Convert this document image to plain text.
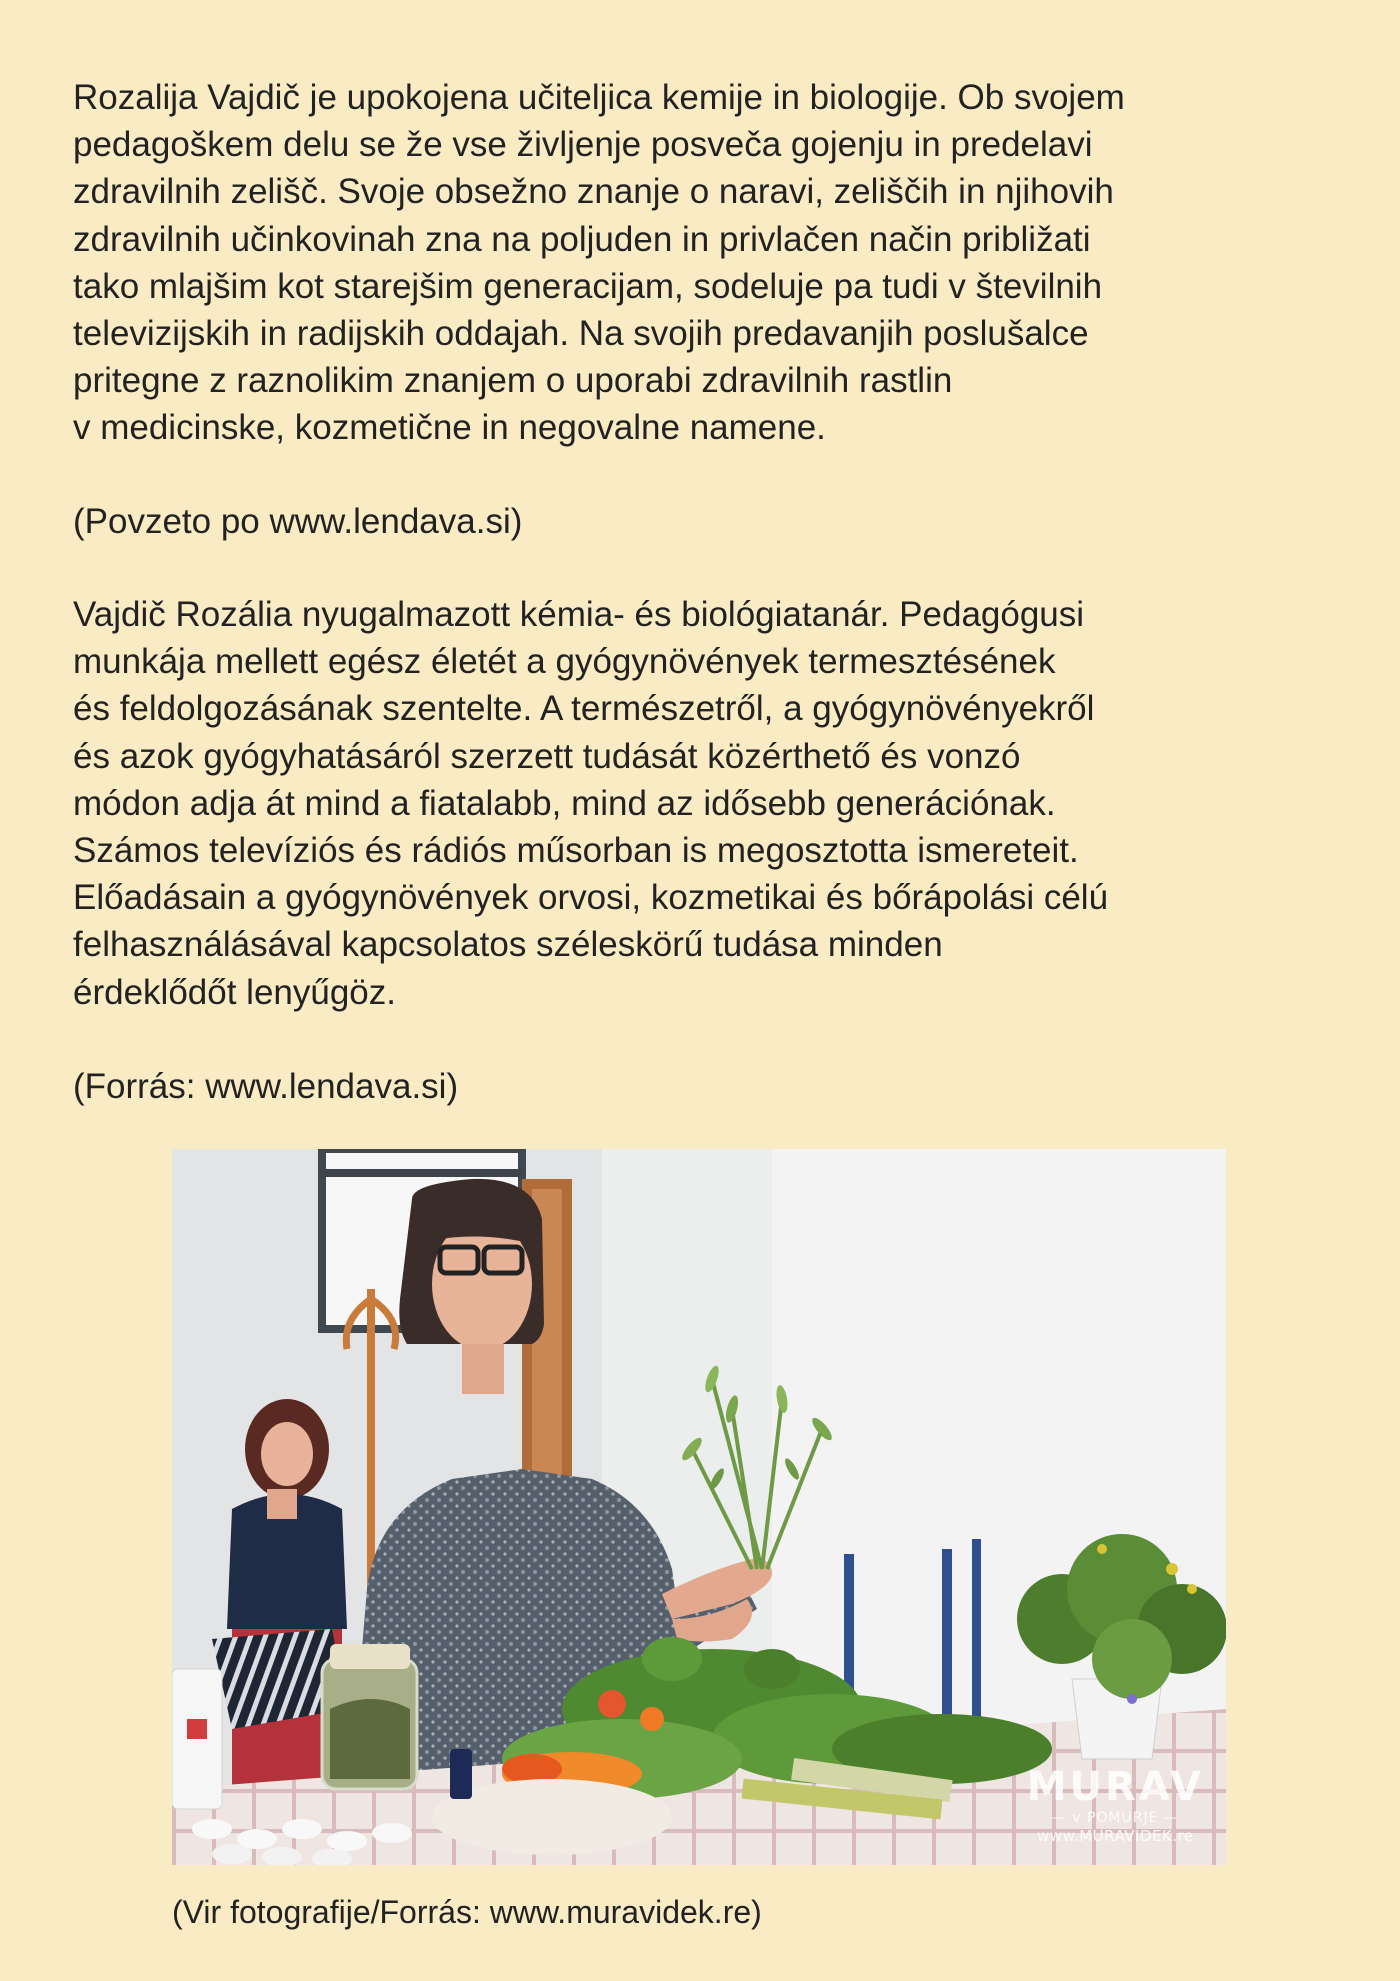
Rozalija Vajdič je upokojena učiteljica kemije in biologije. Ob svojem
pedagoškem delu se že vse življenje posveča gojenju in predelavi
zdravilnih zelišč. Svoje obsežno znanje o naravi, zeliščih in njihovih
zdravilnih učinkovinah zna na poljuden in privlačen način približati
tako mlajšim kot starejšim generacijam, sodeluje pa tudi v številnih
televizijskih in radijskih oddajah. Na svojih predavanjih poslušalce
pritegne z raznolikim znanjem o uporabi zdravilnih rastlin
v medicinske, kozmetične in negovalne namene.

(Povzeto po www.lendava.si)

Vajdič Rozália nyugalmazott kémia- és biológiatanár. Pedagógusi
munkája mellett egész életét a gyógynövények termesztésének
és feldolgozásának szentelte. A természetről, a gyógynövényekről
és azok gyógyhatásáról szerzett tudását közérthető és vonzó
módon adja át mind a fiatalabb, mind az idősebb generációnak.
Számos televíziós és rádiós műsorban is megosztotta ismereteit.
Előadásain a gyógynövények orvosi, kozmetikai és bőrápolási célú
felhasználásával kapcsolatos széleskörű tudása minden
érdeklődőt lenyűgöz.

(Forrás: www.lendava.si)

MURAV
— v POMURJE —
www.MURAVIDEK.re

(Vir fotografije/Forrás: www.muravidek.re)
